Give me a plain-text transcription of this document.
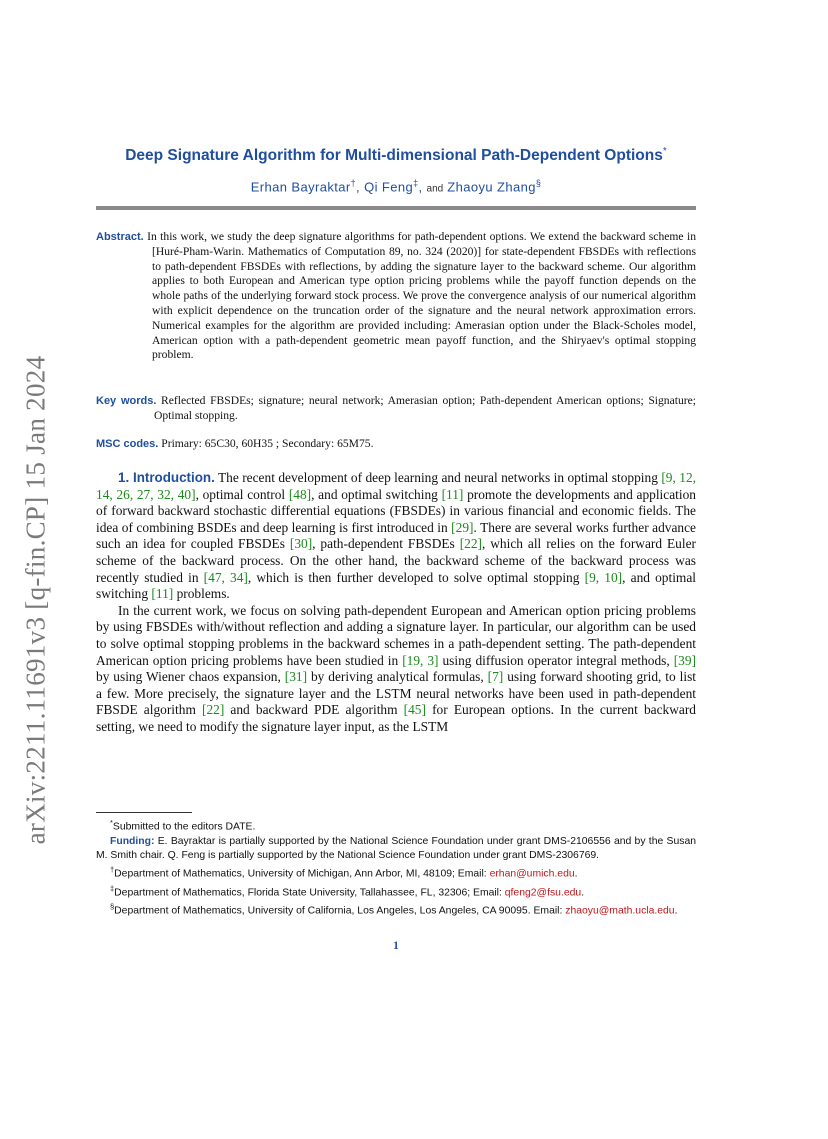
arXiv:2211.11691v3 [q-fin.CP] 15 Jan 2024
Deep Signature Algorithm for Multi-dimensional Path-Dependent Options*
Erhan Bayraktar†, Qi Feng‡, and Zhaoyu Zhang§

Abstract. In this work, we study the deep signature algorithms for path-dependent options. We extend the backward scheme in [Huré-Pham-Warin. Mathematics of Computation 89, no. 324 (2020)] for state-dependent FBSDEs with reflections to path-dependent FBSDEs with reflections, by adding the signature layer to the backward scheme. Our algorithm applies to both European and American type option pricing problems while the payoff function depends on the whole paths of the underlying forward stock process. We prove the convergence analysis of our numerical algorithm with explicit dependence on the truncation order of the signature and the neural network approximation errors. Numerical examples for the algorithm are provided including: Amerasian option under the Black-Scholes model, American option with a path-dependent geometric mean payoff function, and the Shiryaev's optimal stopping problem.

Key words. Reflected FBSDEs; signature; neural network; Amerasian option; Path-dependent American options; Signature; Optimal stopping.
MSC codes. Primary: 65C30, 60H35 ; Secondary: 65M75.

1. Introduction. The recent development of deep learning and neural networks in optimal stopping [9, 12, 14, 26, 27, 32, 40], optimal control [48], and optimal switching [11] promote the developments and application of forward backward stochastic differential equations (FBSDEs) in various financial and economic fields. The idea of combining BSDEs and deep learning is first introduced in [29]. There are several works further advance such an idea for coupled FBSDEs [30], path-dependent FBSDEs [22], which all relies on the forward Euler scheme of the backward process. On the other hand, the backward scheme of the backward process was recently studied in [47, 34], which is then further developed to solve optimal stopping [9, 10], and optimal switching [11] problems.

In the current work, we focus on solving path-dependent European and American option pricing problems by using FBSDEs with/without reflection and adding a signature layer. In particular, our algorithm can be used to solve optimal stopping problems in the backward schemes in a path-dependent setting. The path-dependent American option pricing problems have been studied in [19, 3] using diffusion operator integral methods, [39] by using Wiener chaos expansion, [31] by deriving analytical formulas, [7] using forward shooting grid, to list a few. More precisely, the signature layer and the LSTM neural networks have been used in path-dependent FBSDE algorithm [22] and backward PDE algorithm [45] for European options. In the current backward setting, we need to modify the signature layer input, as the LSTM

*Submitted to the editors DATE.

Funding: E. Bayraktar is partially supported by the National Science Foundation under grant DMS-2106556 and by the Susan M. Smith chair. Q. Feng is partially supported by the National Science Foundation under grant DMS-2306769.

†Department of Mathematics, University of Michigan, Ann Arbor, MI, 48109; Email: erhan@umich.edu.

‡Department of Mathematics, Florida State University, Tallahassee, FL, 32306; Email: qfeng2@fsu.edu.

§Department of Mathematics, University of California, Los Angeles, Los Angeles, CA 90095. Email: zhaoyu@math.ucla.edu.

1
